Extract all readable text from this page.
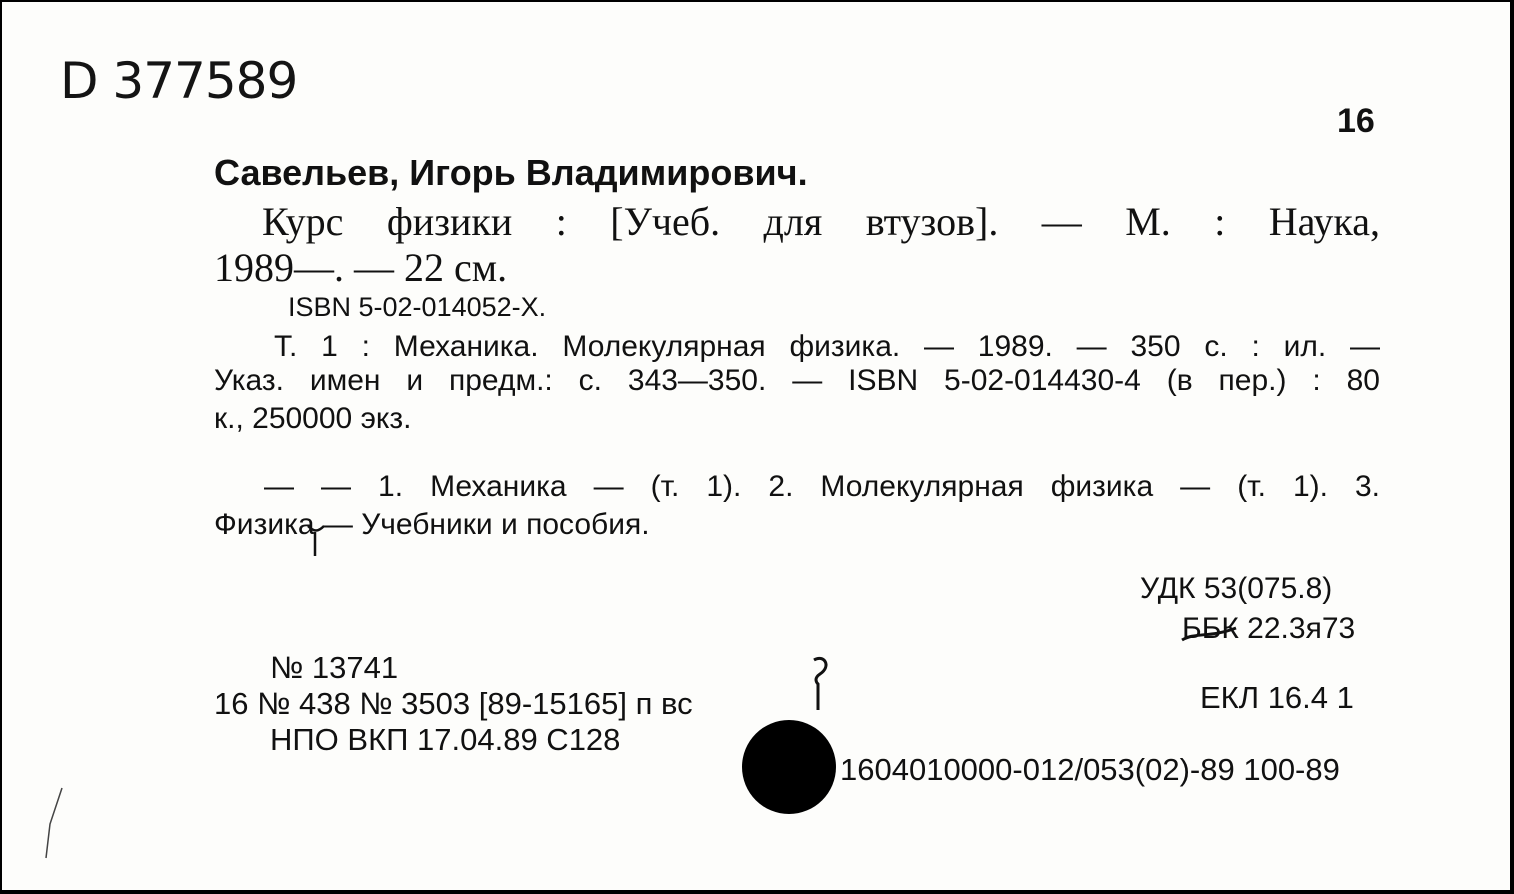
D 377589
16
Савельев, Игорь Владимирович.
Курс физики : [Учеб. для втузов]. — М. : Наука,
1989—. — 22 см.
ISBN 5-02-014052-X.
Т. 1 : Механика. Молекулярная физика. — 1989. — 350 с. : ил. —
Указ. имен и предм.: с. 343—350. — ISBN 5-02-014430-4 (в пер.) : 80
к., 250000 экз.
— — 1. Механика — (т. 1). 2. Молекулярная физика — (т. 1). 3.
Физика — Учебники и пособия.
УДК 53(075.8)
ББК 22.3я73
№ 13741
16 № 438 № 3503 [89-15165] п вс
НПО ВКП 17.04.89 С128
ЕКЛ 16.4 1
1604010000-012/053(02)-89 100-89
